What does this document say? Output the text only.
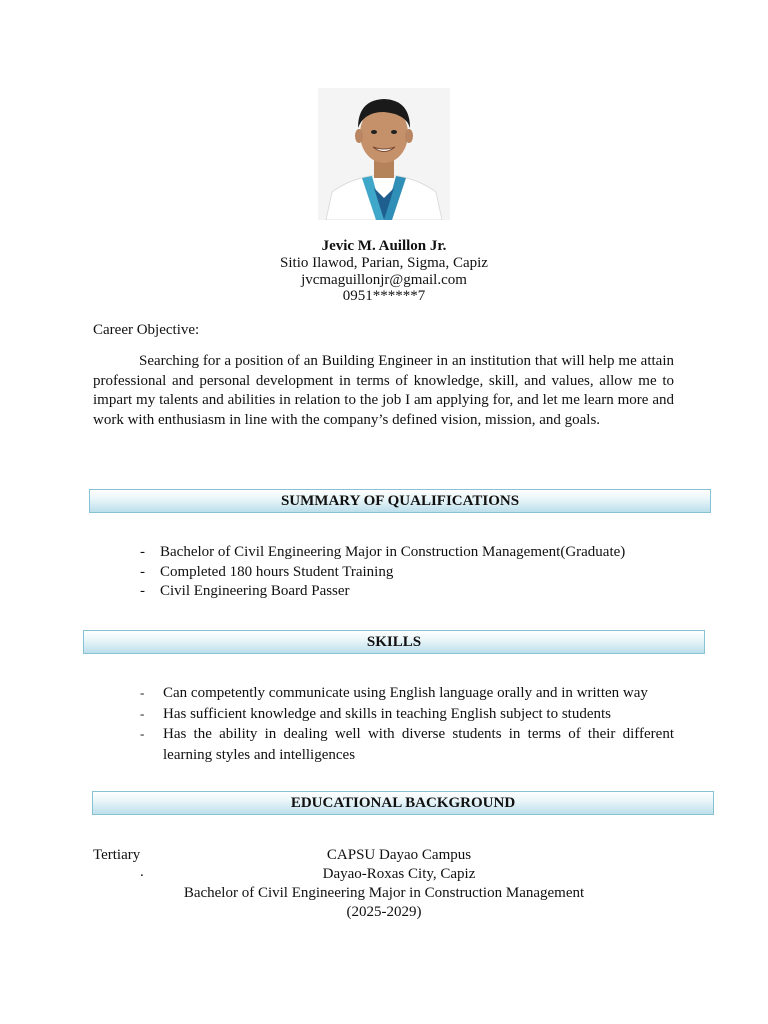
Jevic M. Auillon Jr.
Sitio Ilawod, Parian, Sigma, Capiz
jvcmaguillonjr@gmail.com
0951******7
Career Objective:
Searching for a position of an Building Engineer in an institution that will help me attain professional and personal development in terms of knowledge, skill, and values, allow me to impart my talents and abilities in relation to the job I am applying for, and let me learn more and work with enthusiasm in line with the company’s defined vision, mission, and goals.
SUMMARY OF QUALIFICATIONS
- Bachelor of Civil Engineering Major in Construction Management(Graduate)
- Completed 180 hours Student Training
- Civil Engineering Board Passer
SKILLS
- Can competently communicate using English language orally and in written way
- Has sufficient knowledge and skills in teaching English subject to students
- Has the ability in dealing well with diverse students in terms of their different learning styles and intelligences
EDUCATIONAL BACKGROUND
Tertiary
.
CAPSU Dayao Campus
Dayao-Roxas City, Capiz
Bachelor of Civil Engineering Major in Construction Management
(2025-2029)
